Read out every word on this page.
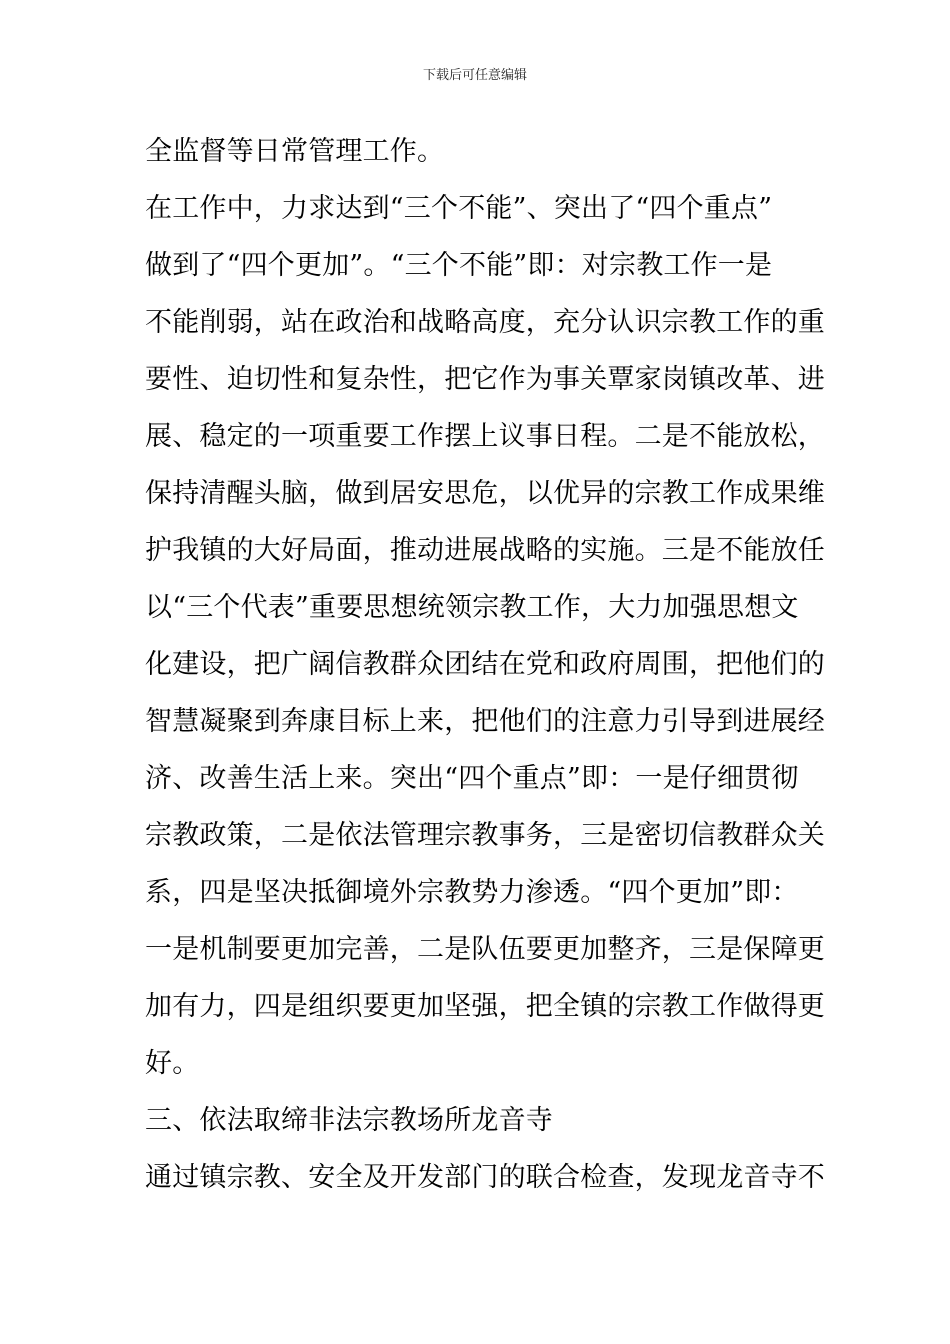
下载后可任意编辑
全监督等日常管理工作。
在工作中，力求达到“三个不能”、突出了“四个重点”
做到了“四个更加”。“三个不能”即：对宗教工作一是
不能削弱，站在政治和战略高度，充分认识宗教工作的重
要性、迫切性和复杂性，把它作为事关覃家岗镇改革、进
展、稳定的一项重要工作摆上议事日程。二是不能放松，
保持清醒头脑，做到居安思危，以优异的宗教工作成果维
护我镇的大好局面，推动进展战略的实施。三是不能放任
以“三个代表”重要思想统领宗教工作，大力加强思想文
化建设，把广阔信教群众团结在党和政府周围，把他们的
智慧凝聚到奔康目标上来，把他们的注意力引导到进展经
济、改善生活上来。突出“四个重点”即：一是仔细贯彻
宗教政策，二是依法管理宗教事务，三是密切信教群众关
系，四是坚决抵御境外宗教势力渗透。“四个更加”即：
一是机制要更加完善，二是队伍要更加整齐，三是保障更
加有力，四是组织要更加坚强，把全镇的宗教工作做得更
好。
三、依法取缔非法宗教场所龙音寺
通过镇宗教、安全及开发部门的联合检查，发现龙音寺不
